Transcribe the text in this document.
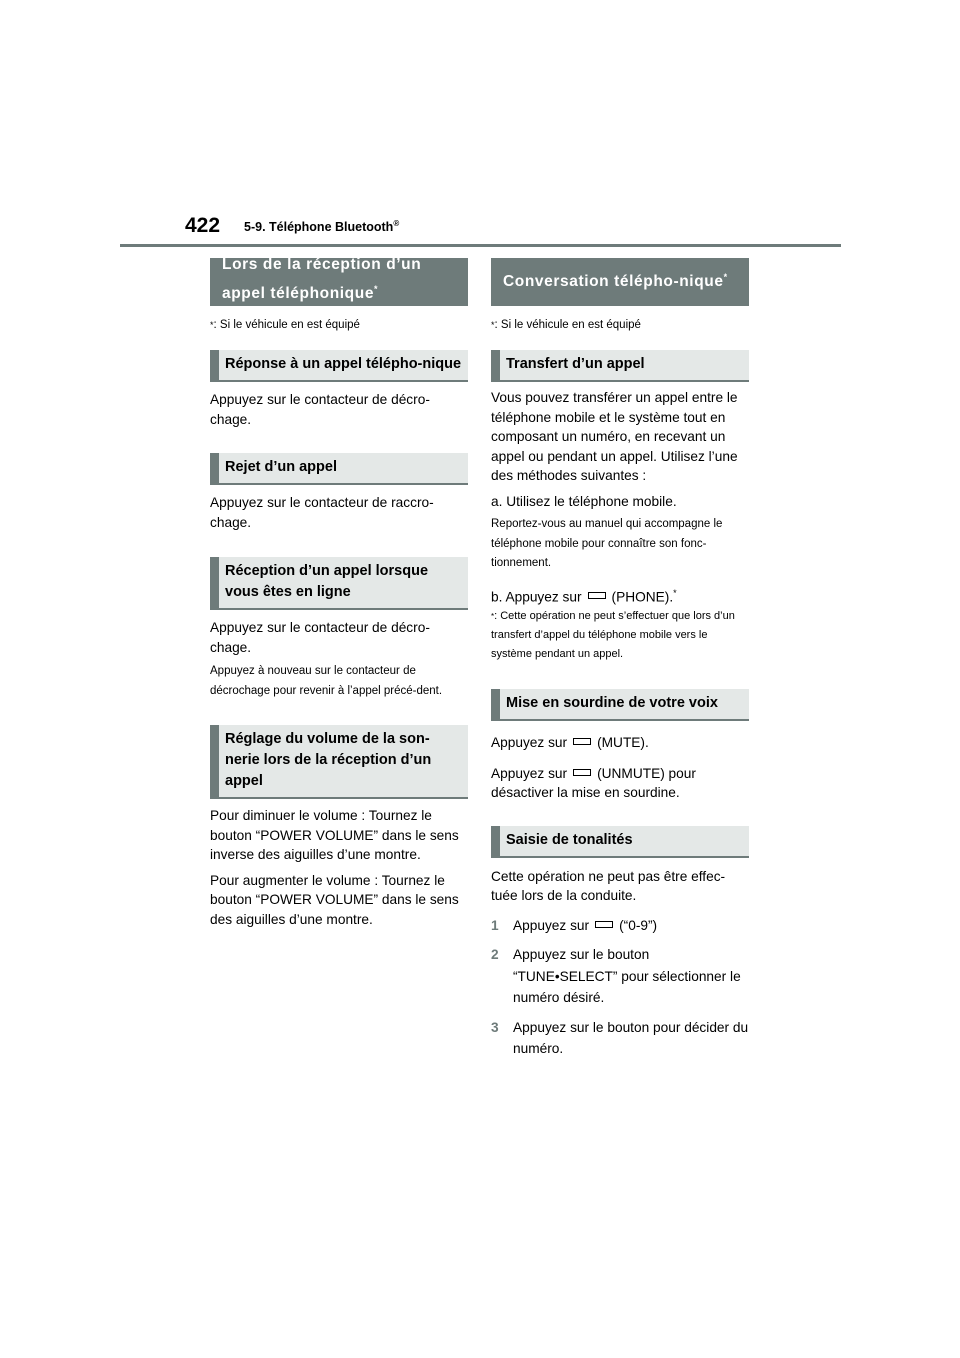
422 5-9. Téléphone Bluetooth®
Lors de la réception d’un appel téléphonique*

*: Si le véhicule en est équipé

Réponse à un appel télépho-nique

Appuyez sur le contacteur de décro-chage.

Rejet d’un appel

Appuyez sur le contacteur de raccro-chage.

Réception d’un appel lorsque vous êtes en ligne

Appuyez sur le contacteur de décro-chage.

Appuyez à nouveau sur le contacteur de décrochage pour revenir à l’appel précé-dent.

Réglage du volume de la son-nerie lors de la réception d’un appel

Pour diminuer le volume : Tournez le bouton “POWER VOLUME” dans le sens inverse des aiguilles d’une montre.

Pour augmenter le volume : Tournez le bouton “POWER VOLUME” dans le sens des aiguilles d’une montre.

Conversation télépho-nique*

*: Si le véhicule en est équipé

Transfert d’un appel

Vous pouvez transférer un appel entre le téléphone mobile et le système tout en composant un numéro, en recevant un appel ou pendant un appel. Utilisez l’une des méthodes suivantes :

a. Utilisez le téléphone mobile.

Reportez-vous au manuel qui accompagne le téléphone mobile pour connaître son fonc-tionnement.

b. Appuyez sur (PHONE).*

*: Cette opération ne peut s’effectuer que lors d’un transfert d’appel du téléphone mobile vers le système pendant un appel.

Mise en sourdine de votre voix

Appuyez sur (MUTE).

Appuyez sur (UNMUTE) pour désactiver la mise en sourdine.

Saisie de tonalités

Cette opération ne peut pas être effec-tuée lors de la conduite.

1	Appuyez sur (“0-9”)
2	Appuyez sur le bouton “TUNE•SELECT” pour sélectionner le numéro désiré.
3	Appuyez sur le bouton pour décider du numéro.
